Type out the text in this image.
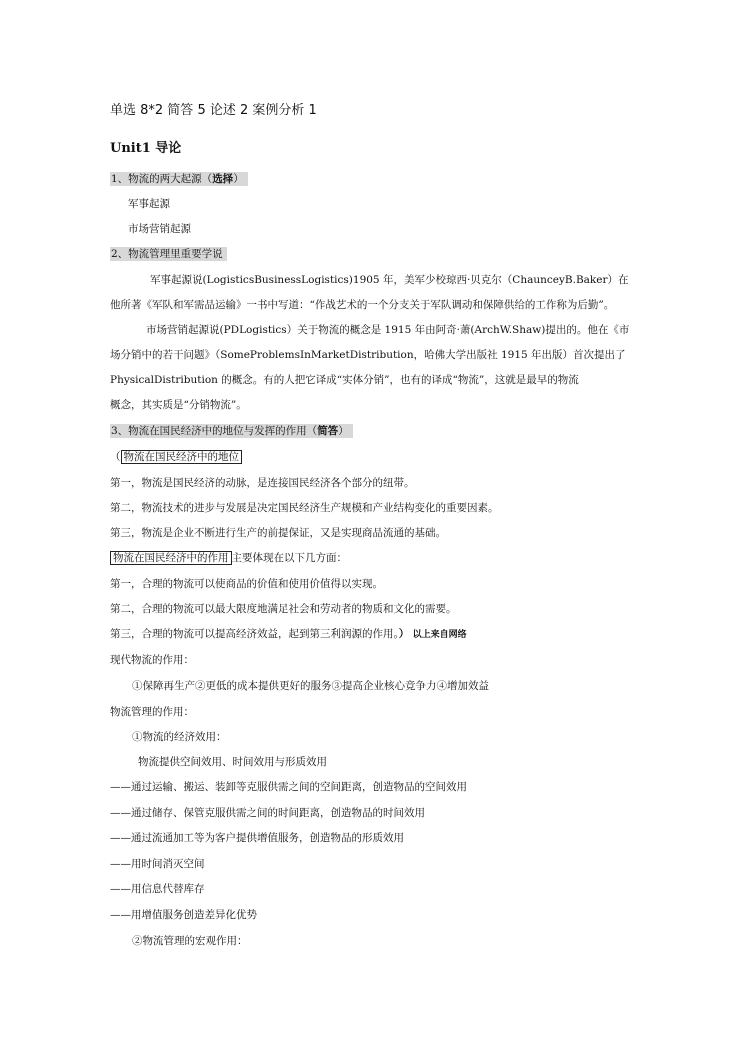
单选 8*2 简答 5 论述 2 案例分析 1
Unit1 导论
1、物流的两大起源（选择）
军事起源
市场营销起源
2、物流管理里重要学说
军事起源说(LogisticsBusinessLogistics)1905 年，美军少校琼西·贝克尔（ChaunceyB.Baker）在
他所著《军队和军需品运输》一书中写道：“作战艺术的一个分支关于军队调动和保障供给的工作称为后勤”。
市场营销起源说(PDLogistics）关于物流的概念是 1915 年由阿奇·萧(ArchW.Shaw)提出的。他在《市
场分销中的若干问题》（SomeProblemsInMarketDistribution，哈佛大学出版社 1915 年出版）首次提出了
PhysicalDistribution 的概念。有的人把它译成“实体分销”，也有的译成“物流”，这就是最早的物流
概念，其实质是“分销物流”。
3、物流在国民经济中的地位与发挥的作用（简答）
（ 物流在国民经济中的地位
第一，物流是国民经济的动脉，是连接国民经济各个部分的纽带。
第二，物流技术的进步与发展是决定国民经济生产规模和产业结构变化的重要因素。
第三，物流是企业不断进行生产的前提保证，又是实现商品流通的基础。
物流在国民经济中的作用 主要体现在以下几方面：
第一，合理的物流可以使商品的价值和使用价值得以实现。
第二，合理的物流可以最大限度地满足社会和劳动者的物质和文化的需要。
第三，合理的物流可以提高经济效益，起到第三利润源的作用。） 以上来自网络
现代物流的作用：
①保障再生产②更低的成本提供更好的服务③提高企业核心竞争力④增加效益
物流管理的作用：
①物流的经济效用：
物流提供空间效用、时间效用与形质效用
——通过运输、搬运、装卸等克服供需之间的空间距离，创造物品的空间效用
——通过储存、保管克服供需之间的时间距离，创造物品的时间效用
——通过流通加工等为客户提供增值服务，创造物品的形质效用
——用时间消灭空间
——用信息代替库存
——用增值服务创造差异化优势
②物流管理的宏观作用：
